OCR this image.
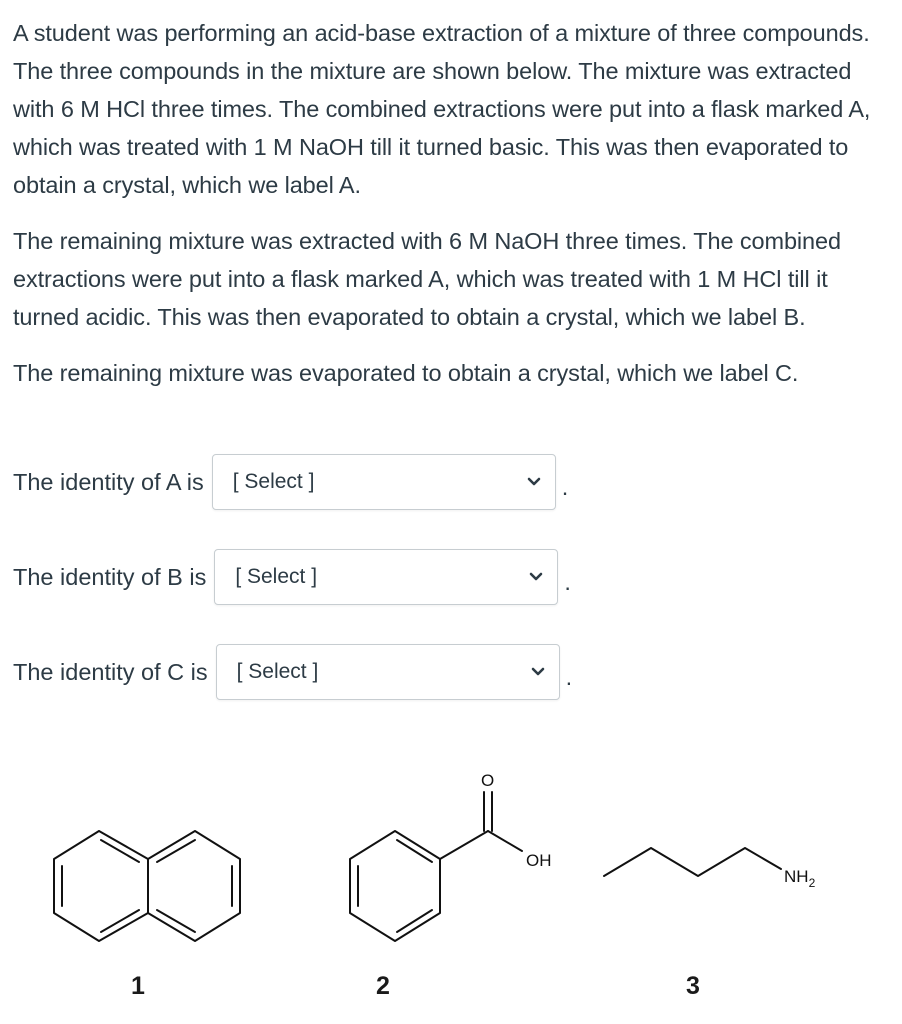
A student was performing an acid-base extraction of a mixture of three compounds. The three compounds in the mixture are shown below. The mixture was extracted with 6 M HCl three times. The combined extractions were put into a flask marked A, which was treated with 1 M NaOH till it turned basic. This was then evaporated to obtain a crystal, which we label A.

The remaining mixture was extracted with 6 M NaOH three times. The combined extractions were put into a flask marked A, which was treated with 1 M HCl till it turned acidic. This was then evaporated to obtain a crystal, which we label B.

The remaining mixture was evaporated to obtain a crystal, which we label C.

The identity of A is [ Select ]	.
The identity of B is [ Select ]	.
The identity of C is [ Select ]	.
O
OH
$NH_2$
1	2	3
